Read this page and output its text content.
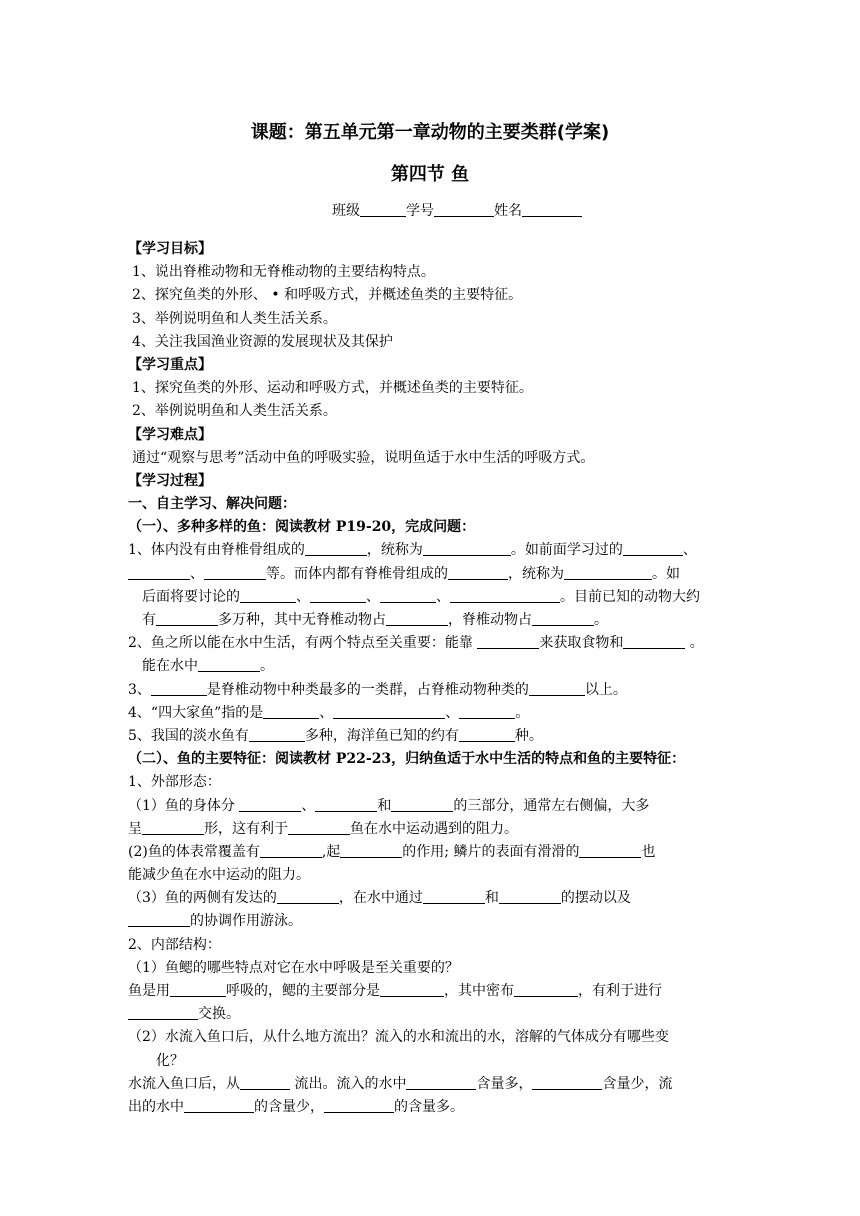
课题：第五单元第一章动物的主要类群(学案)
第四节 鱼
班级	学号	姓名
【学习目标】
1、说出脊椎动物和无脊椎动物的主要结构特点。
2、探究鱼类的外形、 • 和呼吸方式，并概述鱼类的主要特征。
3、举例说明鱼和人类生活关系。
4、关注我国渔业资源的发展现状及其保护
【学习重点】
1、探究鱼类的外形、运动和呼吸方式，并概述鱼类的主要特征。
2、举例说明鱼和人类生活关系。
【学习难点】
通过“观察与思考”活动中鱼的呼吸实验，说明鱼适于水中生活的呼吸方式。
【学习过程】
一、自主学习、解决问题：
（一）、多种多样的鱼：阅读教材 P19-20，完成问题：
1、体内没有由脊椎骨组成的	，统称为	。如前面学习过的	、
、	等。而体内都有脊椎骨组成的	，统称为	。如
后面将要讨论的	、	、	、	。目前已知的动物大约
有	多万种，其中无脊椎动物占	，脊椎动物占	。
2、鱼之所以能在水中生活，有两个特点至关重要：能靠	来获取食物和	。
能在水中	。
3、	是脊椎动物中种类最多的一类群，占脊椎动物种类的	以上。
4、“四大家鱼”指的是	、	、	。
5、我国的淡水鱼有	多种，海洋鱼已知的约有	种。
（二）、鱼的主要特征：阅读教材 P22-23，归纳鱼适于水中生活的特点和鱼的主要特征：
1、外部形态：
（1）鱼的身体分	、	和	的三部分，通常左右侧偏，大多
呈	形，这有利于	鱼在水中运动遇到的阻力。
(2)鱼的体表常覆盖有	,起	的作用; 鳞片的表面有滑滑的	也
能减少鱼在水中运动的阻力。
（3）鱼的两侧有发达的	，在水中通过	和	的摆动以及
的协调作用游泳。
2、内部结构：
（1）鱼鳃的哪些特点对它在水中呼吸是至关重要的？
鱼是用	呼吸的，鳃的主要部分是	，其中密布	，有利于进行
交换。
（2）水流入鱼口后，从什么地方流出？流入的水和流出的水，溶解的气体成分有哪些变
化？
水流入鱼口后，从	流出。流入的水中	含量多，	含量少，流
出的水中	的含量少，	的含量多。
